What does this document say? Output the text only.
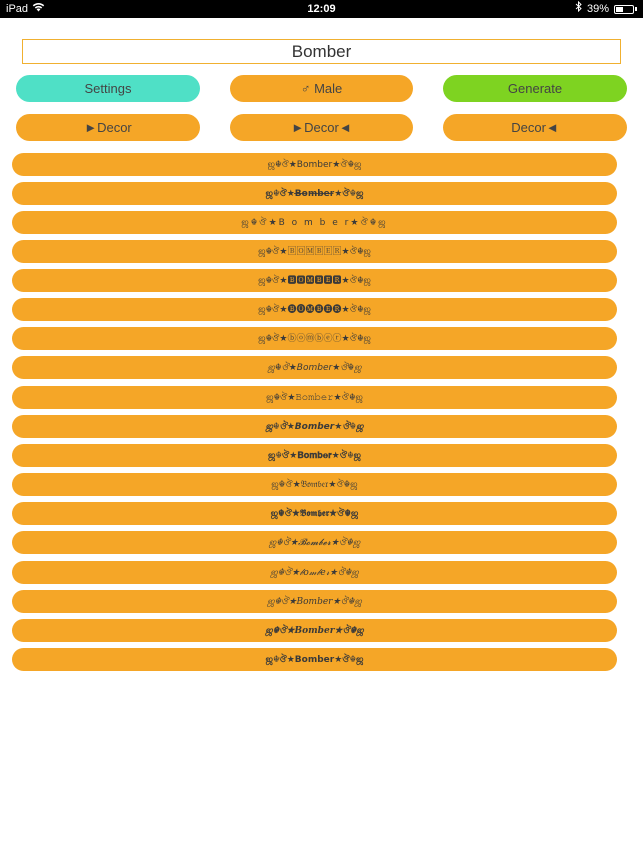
iPad	12:09	39%
Bomber
Settings	♂ Male	Generate
►Decor	►Decor◄	Decor◄
ஜ☬ঔ★Bomber★ঔ☬ஜ
ஜ☬ঔ★B̶o̶m̶b̶e̶r̶★ঔ☬ஜ
ஜ☬ঔ★B o m b e r★ঔ☬ஜ
ஜ☬ঔ★🄱🄾🄼🄱🄴🅁★ঔ☬ஜ
ஜ☬ঔ★🅱🅾🅼🅱🅴🆁★ঔ☬ஜ
ஜ☬ঔ★🅑🅞🅜🅑🅔🅡★ঔ☬ஜ
ஜ☬ঔ★ⓑⓞⓜⓑⓔⓡ★ঔ☬ஜ
ஜ☬ঔ★𝘉𝘰𝘮𝘣𝘦𝘳★ঔ☬ஜ
ஜ☬ঔ★𝙱𝚘𝚖𝚋𝚎𝚛★ঔ☬ஜ
ஜ☬ঔ★𝘽𝙤𝙢𝙗𝙚𝙧★ঔ☬ஜ
ஜ☬ঔ★𝐁𝐨𝐦𝐛𝐞𝐫★ঔ☬ஜ
ஜ☬ঔ★𝔅𝔬𝔪𝔟𝔢𝔯★ঔ☬ஜ
ஜ☬ঔ★𝕭𝖔𝖒𝖇𝖊𝖗★ঔ☬ஜ
ஜ☬ঔ★𝓑𝓸𝓶𝓫𝓮𝓻★ঔ☬ஜ
ஜ☬ঔ★𝒷𝑜𝓂𝒷𝑒𝓇★ঔ☬ஜ
ஜ☬ঔ★𝐵𝑜𝑚𝑏𝑒𝑟★ঔ☬ஜ
ஜ☬ঔ★𝑩𝒐𝒎𝒃𝒆𝒓★ঔ☬ஜ
ஜ☬ঔ★𝗕𝗼𝗺𝗯𝗲𝗿★ঔ☬ஜ
